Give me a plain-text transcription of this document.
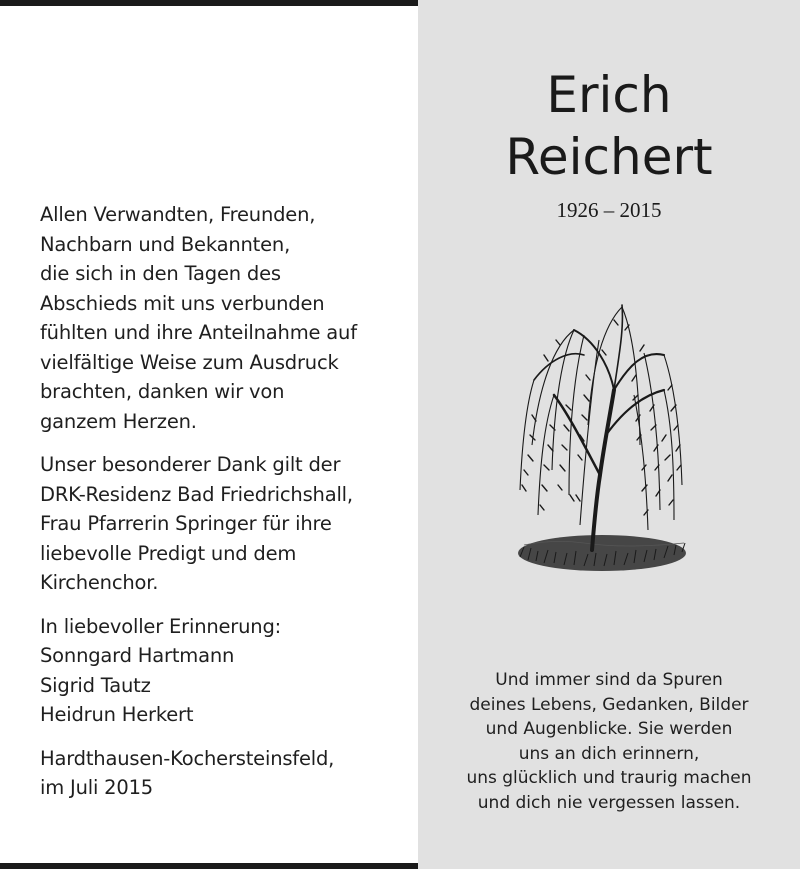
Allen Verwandten, Freunden,
Nachbarn und Bekannten,
die sich in den Tagen des
Abschieds mit uns verbunden
fühlten und ihre Anteilnahme auf
vielfältige Weise zum Ausdruck
brachten, danken wir von
ganzem Herzen.

Unser besonderer Dank gilt der
DRK-Residenz Bad Friedrichshall,
Frau Pfarrerin Springer für ihre
liebevolle Predigt und dem
Kirchenchor.

In liebevoller Erinnerung:
Sonngard Hartmann
Sigrid Tautz
Heidrun Herkert

Hardthausen-Kochersteinsfeld,
im Juli 2015

Erich
Reichert
1926 – 2015
Und immer sind da Spuren
deines Lebens, Gedanken, Bilder
und Augenblicke. Sie werden
uns an dich erinnern,
uns glücklich und traurig machen
und dich nie vergessen lassen.
